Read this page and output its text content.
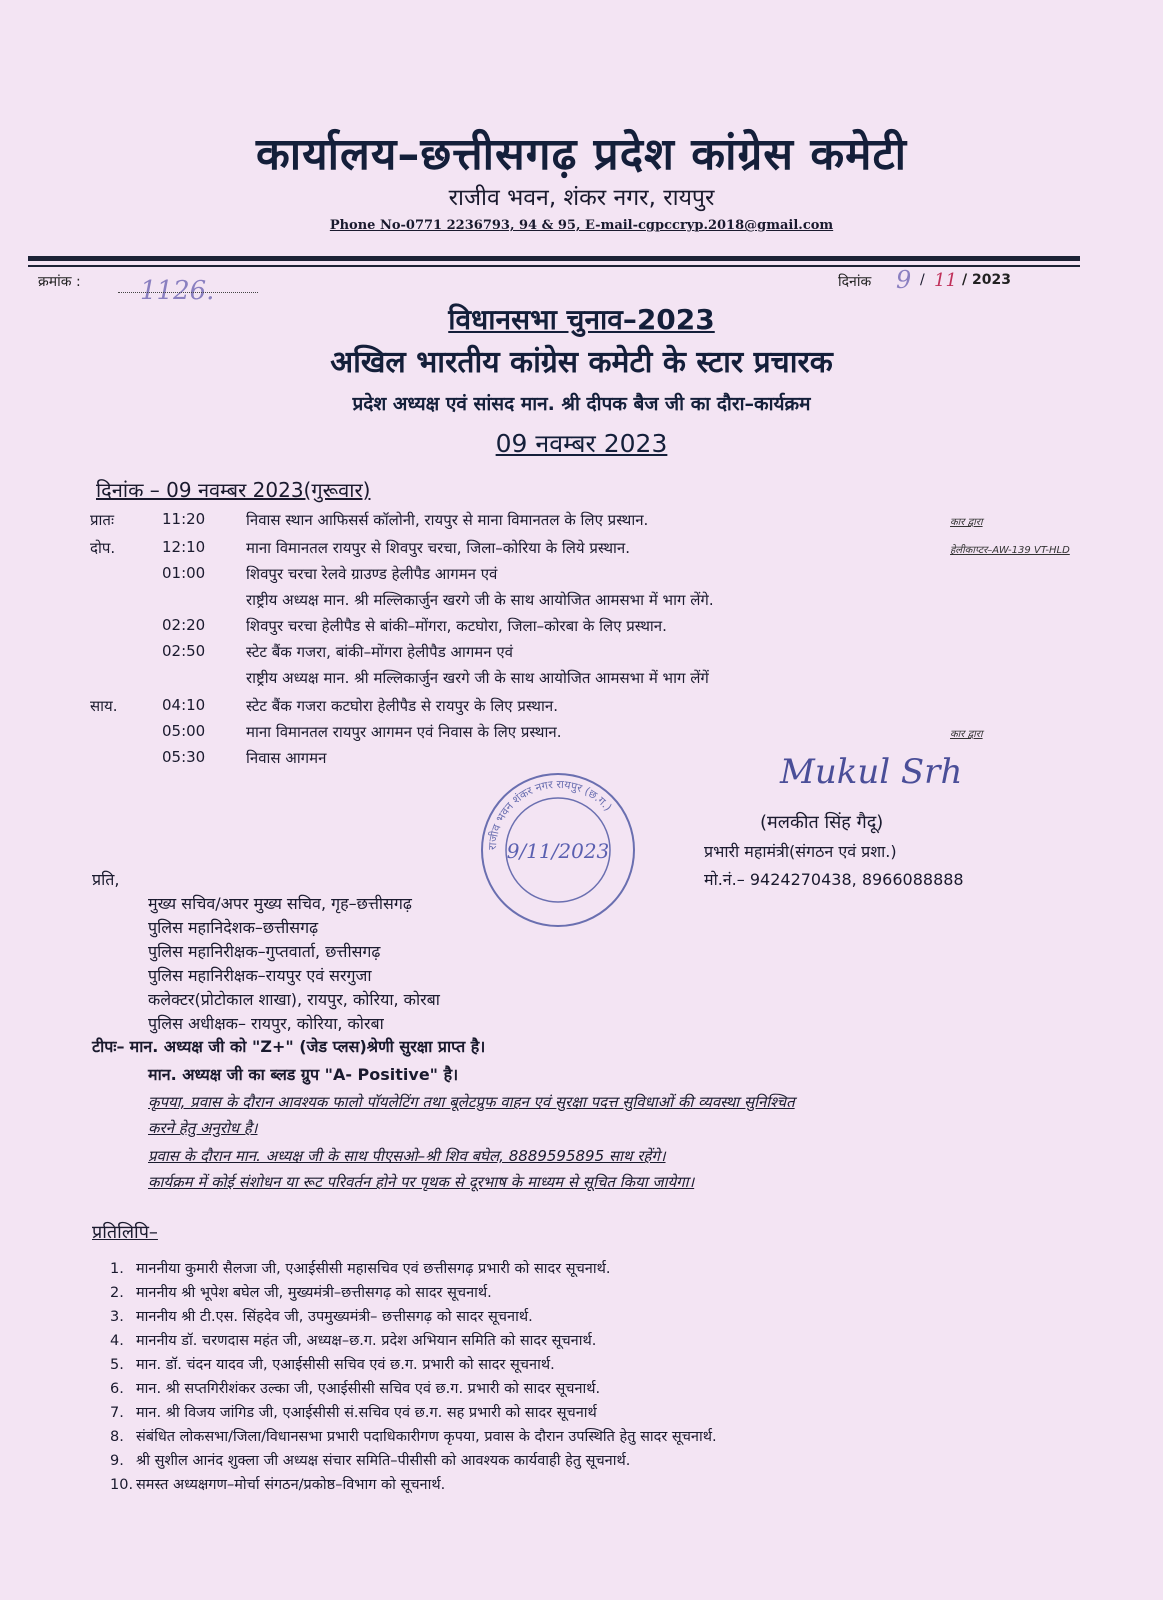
कार्यालय–छत्तीसगढ़ प्रदेश कांग्रेस कमेटी
राजीव भवन, शंकर नगर, रायपुर
Phone No-0771 2236793, 94 & 95, E-mail-cgpccryp.2018@gmail.com
क्रमांक : 1126.	दिनांक 9 / 11 / 2023
विधानसभा चुनाव–2023
अखिल भारतीय कांग्रेस कमेटी के स्टार प्रचारक
प्रदेश अध्यक्ष एवं सांसद मान. श्री दीपक बैज जी का दौरा–कार्यक्रम
09 नवम्बर 2023
दिनांक – 09 नवम्बर 2023(गुरूवार)
प्रातः	11:20	निवास स्थान आफिसर्स कॉलोनी, रायपुर से माना विमानतल के लिए प्रस्थान.	कार द्वारा
दोप.	12:10	माना विमानतल रायपुर से शिवपुर चरचा, जिला–कोरिया के लिये प्रस्थान.	हेलीकाप्टर–AW-139 VT-HLD
01:00	शिवपुर चरचा रेलवे ग्राउण्ड हेलीपैड आगमन एवं
राष्ट्रीय अध्यक्ष मान. श्री मल्लिकार्जुन खरगे जी के साथ आयोजित आमसभा में भाग लेंगे.
02:20	शिवपुर चरचा हेलीपैड से बांकी–मोंगरा, कटघोरा, जिला–कोरबा के लिए प्रस्थान.
02:50	स्टेट बैंक गजरा, बांकी–मोंगरा हेलीपैड आगमन एवं
राष्ट्रीय अध्यक्ष मान. श्री मल्लिकार्जुन खरगे जी के साथ आयोजित आमसभा में भाग लेंगें
साय.	04:10	स्टेट बैंक गजरा कटघोरा हेलीपैड से रायपुर के लिए प्रस्थान.
05:00	माना विमानतल रायपुर आगमन एवं निवास के लिए प्रस्थान.	कार द्वारा
05:30	निवास आगमन
राजीव भवन शंकर नगर रायपुर (छ.ग.)
9/11/2023
Mukul Srh
(मलकीत सिंह गैदू)
प्रभारी महामंत्री(संगठन एवं प्रशा.)
मो.नं.– 9424270438, 8966088888
प्रति,
मुख्य सचिव/अपर मुख्य सचिव, गृह–छत्तीसगढ़
पुलिस महानिदेशक–छत्तीसगढ़
पुलिस महानिरीक्षक–गुप्तवार्ता, छत्तीसगढ़
पुलिस महानिरीक्षक–रायपुर एवं सरगुजा
कलेक्टर(प्रोटोकाल शाखा), रायपुर, कोरिया, कोरबा
पुलिस अधीक्षक– रायपुर, कोरिया, कोरबा
टीपः– मान. अध्यक्ष जी को "Z+" (जेड प्लस)श्रेणी सुरक्षा प्राप्त है।
मान. अध्यक्ष जी का ब्लड ग्रुप "A- Positive" है।
कृपया, प्रवास के दौरान आवश्यक फालो पॉयलेटिंग तथा बूलेटप्रुफ वाहन एवं सुरक्षा पदत्त सुविधाओं की व्यवस्था सुनिश्चित
करने हेतु अनुरोध है।
प्रवास के दौरान मान. अध्यक्ष जी के साथ पीएसओ–श्री शिव बघेल, 8889595895 साथ रहेंगे।
कार्यक्रम में कोई संशोधन या रूट परिवर्तन होने पर पृथक से दूरभाष के माध्यम से सूचित किया जायेगा।
प्रतिलिपि–
1. माननीया कुमारी सैलजा जी, एआईसीसी महासचिव एवं छत्तीसगढ़ प्रभारी को सादर सूचनार्थ.
2. माननीय श्री भूपेश बघेल जी, मुख्यमंत्री–छत्तीसगढ़ को सादर सूचनार्थ.
3. माननीय श्री टी.एस. सिंहदेव जी, उपमुख्यमंत्री– छत्तीसगढ़ को सादर सूचनार्थ.
4. माननीय डॉ. चरणदास महंत जी, अध्यक्ष–छ.ग. प्रदेश अभियान समिति को सादर सूचनार्थ.
5. मान. डॉ. चंदन यादव जी, एआईसीसी सचिव एवं छ.ग. प्रभारी को सादर सूचनार्थ.
6. मान. श्री सप्तगिरीशंकर उल्का जी, एआईसीसी सचिव एवं छ.ग. प्रभारी को सादर सूचनार्थ.
7. मान. श्री विजय जांगिड जी, एआईसीसी सं.सचिव एवं छ.ग. सह प्रभारी को सादर सूचनार्थ
8. संबंधित लोकसभा/जिला/विधानसभा प्रभारी पदाधिकारीगण कृपया, प्रवास के दौरान उपस्थिति हेतु सादर सूचनार्थ.
9. श्री सुशील आनंद शुक्ला जी अध्यक्ष संचार समिति–पीसीसी को आवश्यक कार्यवाही हेतु सूचनार्थ.
10. समस्त अध्यक्षगण–मोर्चा संगठन/प्रकोष्ठ–विभाग को सूचनार्थ.
